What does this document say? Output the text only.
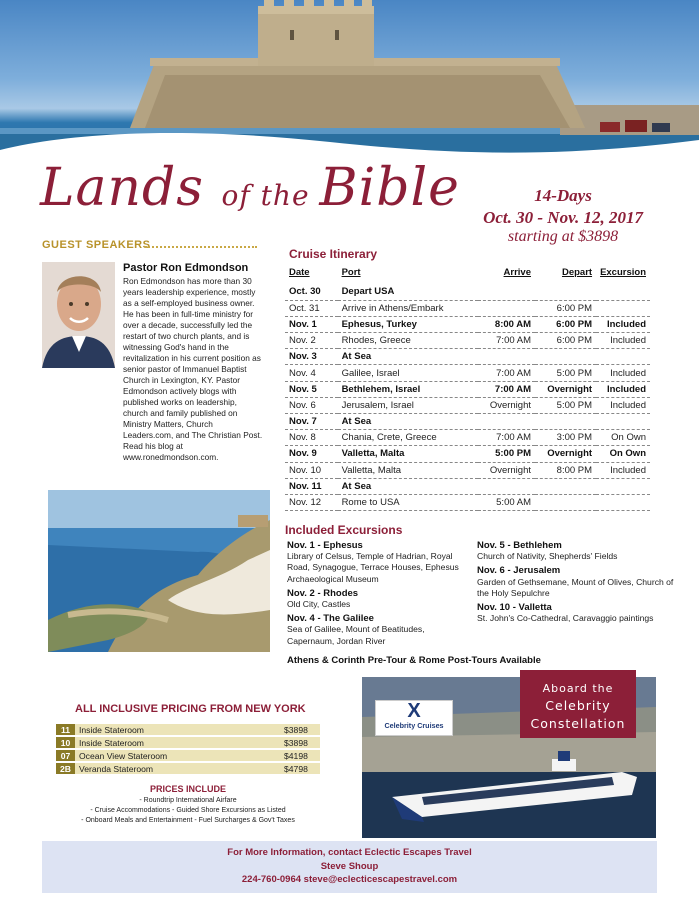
Lands of the Bible	14-Days
Oct. 30 - Nov. 12, 2017
starting at $3898
GUEST SPEAKERS
Pastor Ron Edmondson
Ron Edmondson has more than 30 years leadership experience, mostly as a self-employed business owner. He has been in full-time ministry for over a decade, successfully led the restart of two church plants, and is witnessing God's hand in the revitalization in his current position as senior pastor of Immanuel Baptist Church in Lexington, KY. Pastor Edmondson actively blogs with published works on leadership, church and family published on Ministry Matters, Church Leaders.com, and The Christian Post. Read his blog at www.ronedmondson.com.
Cruise Itinerary
Date	Port	Arrive	Depart	Excursion
Oct. 30	Depart USA			
Oct. 31	Arrive in Athens/Embark		6:00 PM	
Nov. 1	Ephesus, Turkey	8:00 AM	6:00 PM	Included
Nov. 2	Rhodes, Greece	7:00 AM	6:00 PM	Included
Nov. 3	At Sea			
Nov. 4	Galilee, Israel	7:00 AM	5:00 PM	Included
Nov. 5	Bethlehem, Israel	7:00 AM	Overnight	Included
Nov. 6	Jerusalem, Israel	Overnight	5:00 PM	Included
Nov. 7	At Sea			
Nov. 8	Chania, Crete, Greece	7:00 AM	3:00 PM	On Own
Nov. 9	Valletta, Malta	5:00 PM	Overnight	On Own
Nov. 10	Valletta, Malta	Overnight	8:00 PM	Included
Nov. 11	At Sea			
Nov. 12	Rome to USA	5:00 AM		
Included Excursions
Nov. 1 - Ephesus
Library of Celsus, Temple of Hadrian, Royal Road, Synagogue, Terrace Houses, Ephesus Archaeological Museum
Nov. 2 - Rhodes
Old City, Castles
Nov. 4 - The Galilee
Sea of Galilee, Mount of Beatitudes, Capernaum, Jordan River
Nov. 5 - Bethlehem
Church of Nativity, Shepherds' Fields
Nov. 6 - Jerusalem
Garden of Gethsemane, Mount of Olives, Church of the Holy Sepulchre
Nov. 10 - Valletta
St. John's Co-Cathedral, Caravaggio paintings
Athens & Corinth Pre-Tour & Rome Post-Tours Available
ALL INCLUSIVE PRICING FROM NEW YORK
11	Inside Stateroom	$3898
10	Inside Stateroom	$3898
07	Ocean View Stateroom	$4198
2B	Veranda Stateroom	$4798
PRICES INCLUDE
- Roundtrip International Airfare
- Cruise Accommodations - Guided Shore Excursions as Listed
- Onboard Meals and Entertainment - Fuel Surcharges & Gov't Taxes
X
Celebrity Cruises
Aboard the
Celebrity
Constellation
For More Information, contact Eclectic Escapes Travel
Steve Shoup
224-760-0964 steve@eclecticescapestravel.com
